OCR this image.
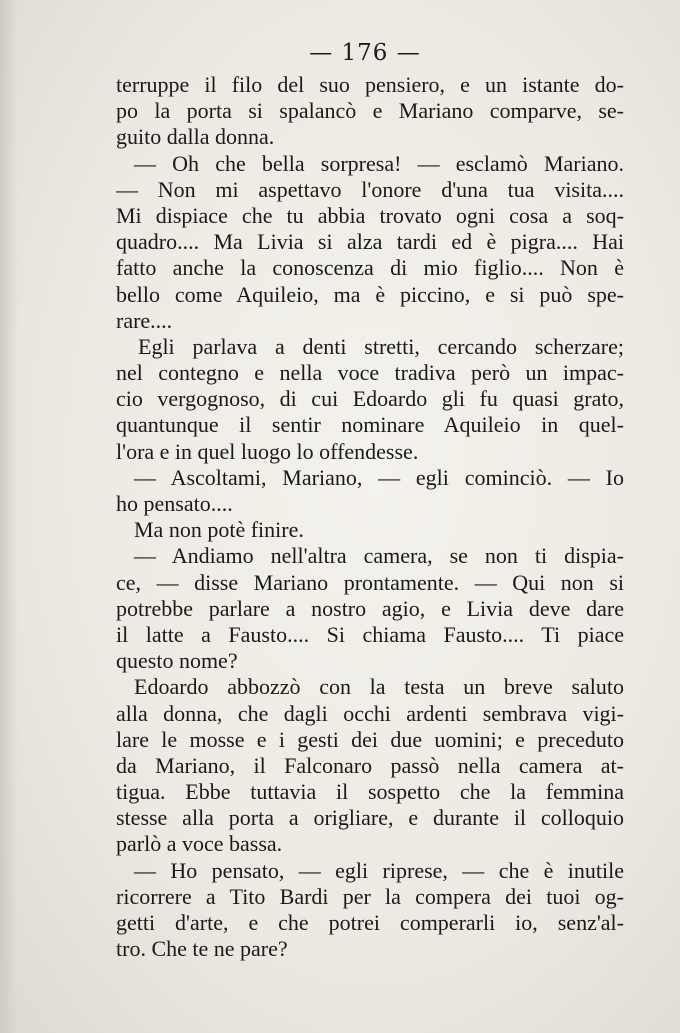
— 176 —
terruppe il filo del suo pensiero, e un istante do-
po la porta si spalancò e Mariano comparve, se-
guito dalla donna.
— Oh che bella sorpresa! — esclamò Mariano.
— Non mi aspettavo l'onore d'una tua visita....
Mi dispiace che tu abbia trovato ogni cosa a soq-
quadro.... Ma Livia si alza tardi ed è pigra.... Hai
fatto anche la conoscenza di mio figlio.... Non è
bello come Aquileio, ma è piccino, e si può spe-
rare....
Egli parlava a denti stretti, cercando scherzare;
nel contegno e nella voce tradiva però un impac-
cio vergognoso, di cui Edoardo gli fu quasi grato,
quantunque il sentir nominare Aquileio in quel-
l'ora e in quel luogo lo offendesse.
— Ascoltami, Mariano, — egli cominciò. — Io
ho pensato....
Ma non potè finire.
— Andiamo nell'altra camera, se non ti dispia-
ce, — disse Mariano prontamente. — Qui non si
potrebbe parlare a nostro agio, e Livia deve dare
il latte a Fausto.... Si chiama Fausto.... Ti piace
questo nome?
Edoardo abbozzò con la testa un breve saluto
alla donna, che dagli occhi ardenti sembrava vigi-
lare le mosse e i gesti dei due uomini; e preceduto
da Mariano, il Falconaro passò nella camera at-
tigua. Ebbe tuttavia il sospetto che la femmina
stesse alla porta a origliare, e durante il colloquio
parlò a voce bassa.
— Ho pensato, — egli riprese, — che è inutile
ricorrere a Tito Bardi per la compera dei tuoi og-
getti d'arte, e che potrei comperarli io, senz'al-
tro. Che te ne pare?
